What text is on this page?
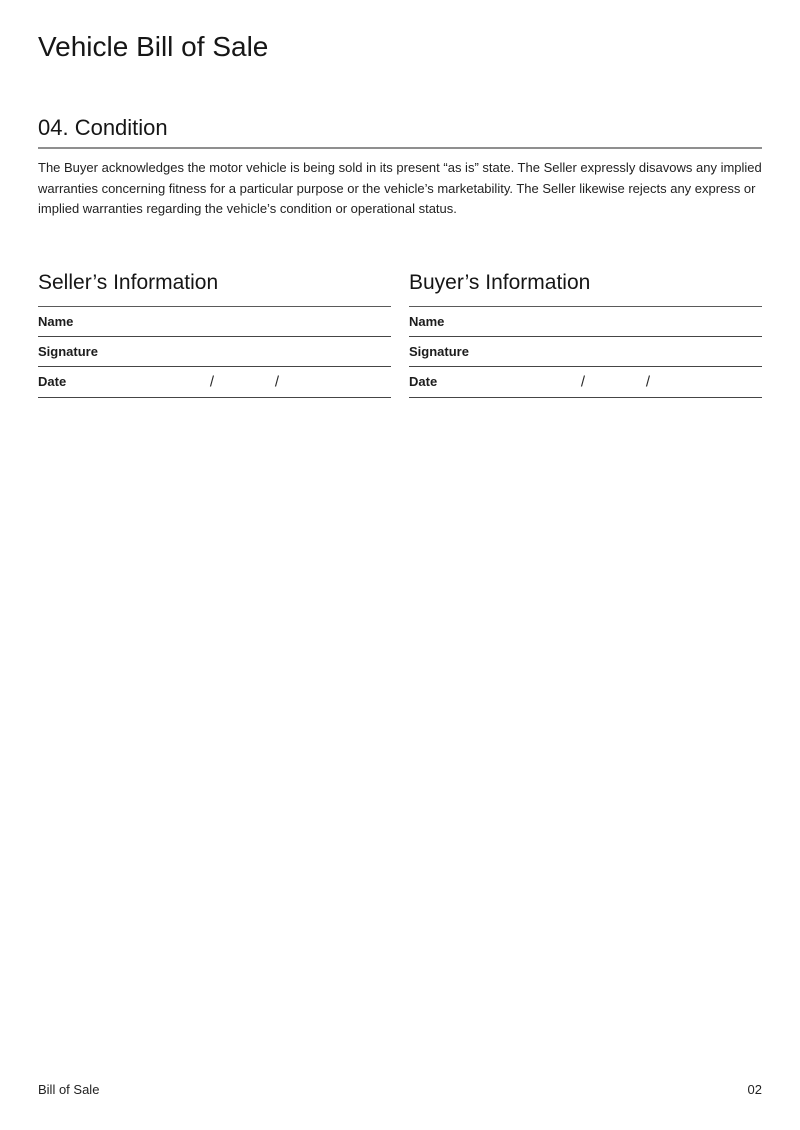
Vehicle Bill of Sale
04. Condition

The Buyer acknowledges the motor vehicle is being sold in its present “as is” state. The Seller expressly disavows any implied warranties concerning fitness for a particular purpose or the vehicle’s marketability. The Seller likewise rejects any express or implied warranties regarding the vehicle’s condition or operational status.

Seller’s Information
Name
Signature
Date	/	/
Buyer’s Information
Name
Signature
Date	/	/
Bill of Sale	02
